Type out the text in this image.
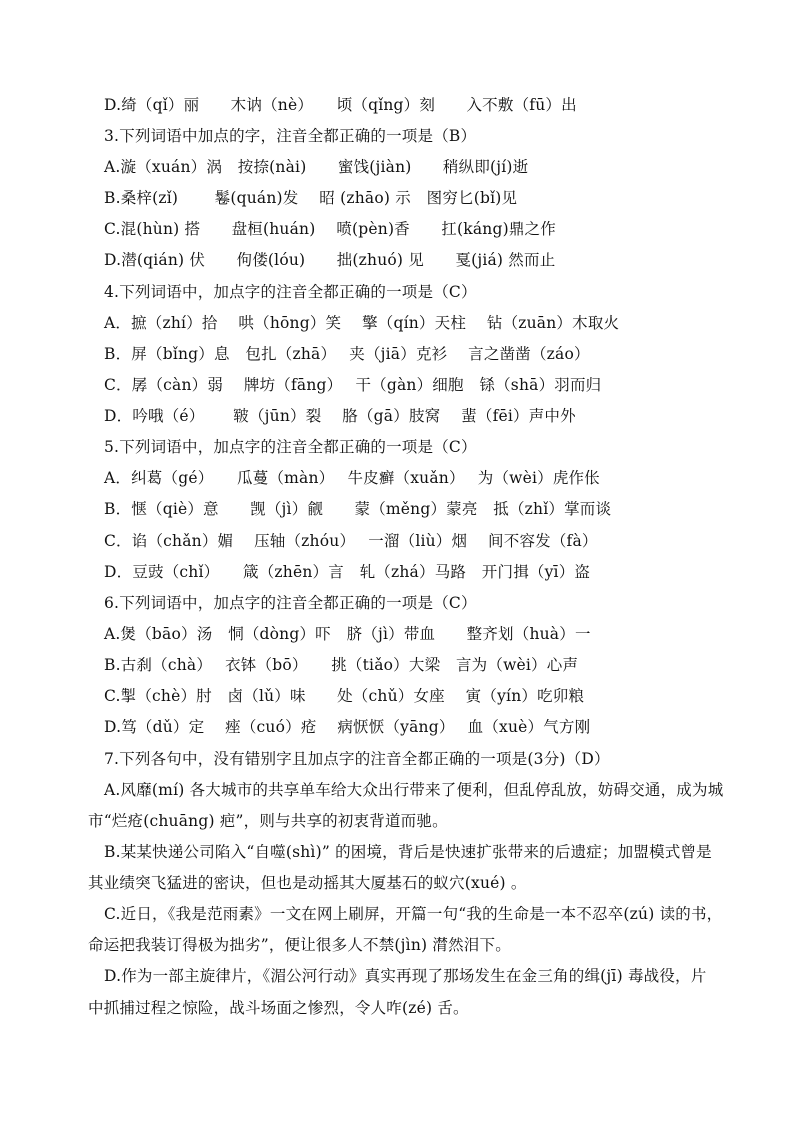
D.绮（qǐ）丽　　木讷（nè）　　顷（qǐng）刻　　入不敷（fū）出
3.下列词语中加点的字，注音全都正确的一项是（B）
A.漩（xuán）涡　按捺(nài)　　蜜饯(jiàn)　　稍纵即(jí)逝
B.桑梓(zǐ)　　 鬈(quán)发　 昭 (zhāo) 示　图穷匕(bǐ)见
C.混(hùn) 搭　　盘桓(huán)　 喷(pèn)香　　扛(káng)鼎之作
D.潜(qián) 伏　　佝偻(lóu)　　拙(zhuó) 见　　戛(jiá) 然而止
4.下列词语中，加点字的注音全都正确的一项是（C）
A．摭（zhí）拾　 哄（hōng）笑　 擎（qín）天柱　 钻（zuān）木取火
B．屏（bǐng）息　包扎（zhā）　 夹（jiā）克衫　 言之凿凿（záo）
C．孱（càn）弱　 牌坊（fāng）　 干（gàn）细胞　铩（shā）羽而归
D．吟哦（é）　　 皲（jūn）裂　 胳（gā）肢窝　 蜚（fēi）声中外
5.下列词语中，加点字的注音全都正确的一项是（C）
A．纠葛（gé）　　瓜蔓（màn）　 牛皮癣（xuǎn）　 为（wèi）虎作伥
B．惬（qiè）意　　觊（jì）觎　　蒙（měng）蒙亮　抵（zhǐ）掌而谈
C．谄（chǎn）媚　 压轴（zhóu）　 一溜（liù）烟　 间不容发（fà）
D．豆豉（chǐ）　　箴（zhēn）言　轧（zhá）马路　开门揖（yī）盗
6.下列词语中，加点字的注音全都正确的一项是（C）
A.煲（bāo）汤　恫（dòng）吓　脐（jì）带血　　整齐划（huà）一
B.古刹（chà）　 衣钵（bō）　　挑（tiǎo）大梁　言为（wèi）心声
C.掣（chè）肘　卤（lǔ）味　　处（chǔ）女座　 寅（yín）吃卯粮
D.笃（dǔ）定　 痤（cuó）疮　 病恹恹（yāng）　 血（xuè）气方刚
7.下列各句中，没有错别字且加点字的注音全都正确的一项是(3分)（D）
A.风靡(mí) 各大城市的共享单车给大众出行带来了便利，但乱停乱放，妨碍交通，成为城
市“烂疮(chuāng) 疤”，则与共享的初衷背道而驰。
B.某某快递公司陷入“自噬(shì)” 的困境，背后是快速扩张带来的后遗症；加盟模式曾是
其业绩突飞猛进的密诀，但也是动摇其大厦基石的蚁穴(xué) 。
C.近日，《我是范雨素》一文在网上刷屏，开篇一句“我的生命是一本不忍卒(zú) 读的书，
命运把我装订得极为拙劣”，便让很多人不禁(jìn) 潸然泪下。
D.作为一部主旋律片，《湄公河行动》真实再现了那场发生在金三角的缉(jī) 毒战役，片
中抓捕过程之惊险，战斗场面之惨烈，令人咋(zé) 舌。
